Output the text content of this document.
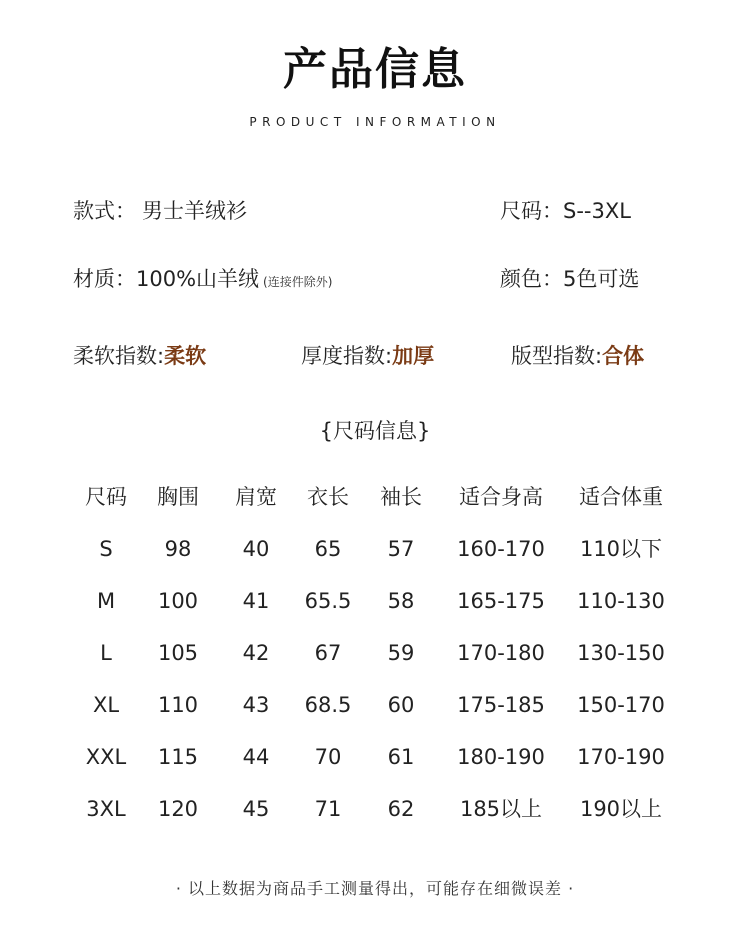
产品信息
PRODUCT INFORMATION
款式： 男士羊绒衫	尺码：S--3XL
材质：100%山羊绒 (连接件除外)	颜色：5色可选
柔软指数:柔软	厚度指数:加厚	版型指数:合体
{尺码信息}
尺码 胸围 肩宽 衣长 袖长 适合身高 适合体重
S 98 40 65 57 160-170 110以下
M 100 41 65.5 58 165-175 110-130
L 105 42 67 59 170-180 130-150
XL 110 43 68.5 60 175-185 150-170
XXL 115 44 70 61 180-190 170-190
3XL 120 45 71 62 185以上 190以上
· 以上数据为商品手工测量得出，可能存在细微误差 ·
